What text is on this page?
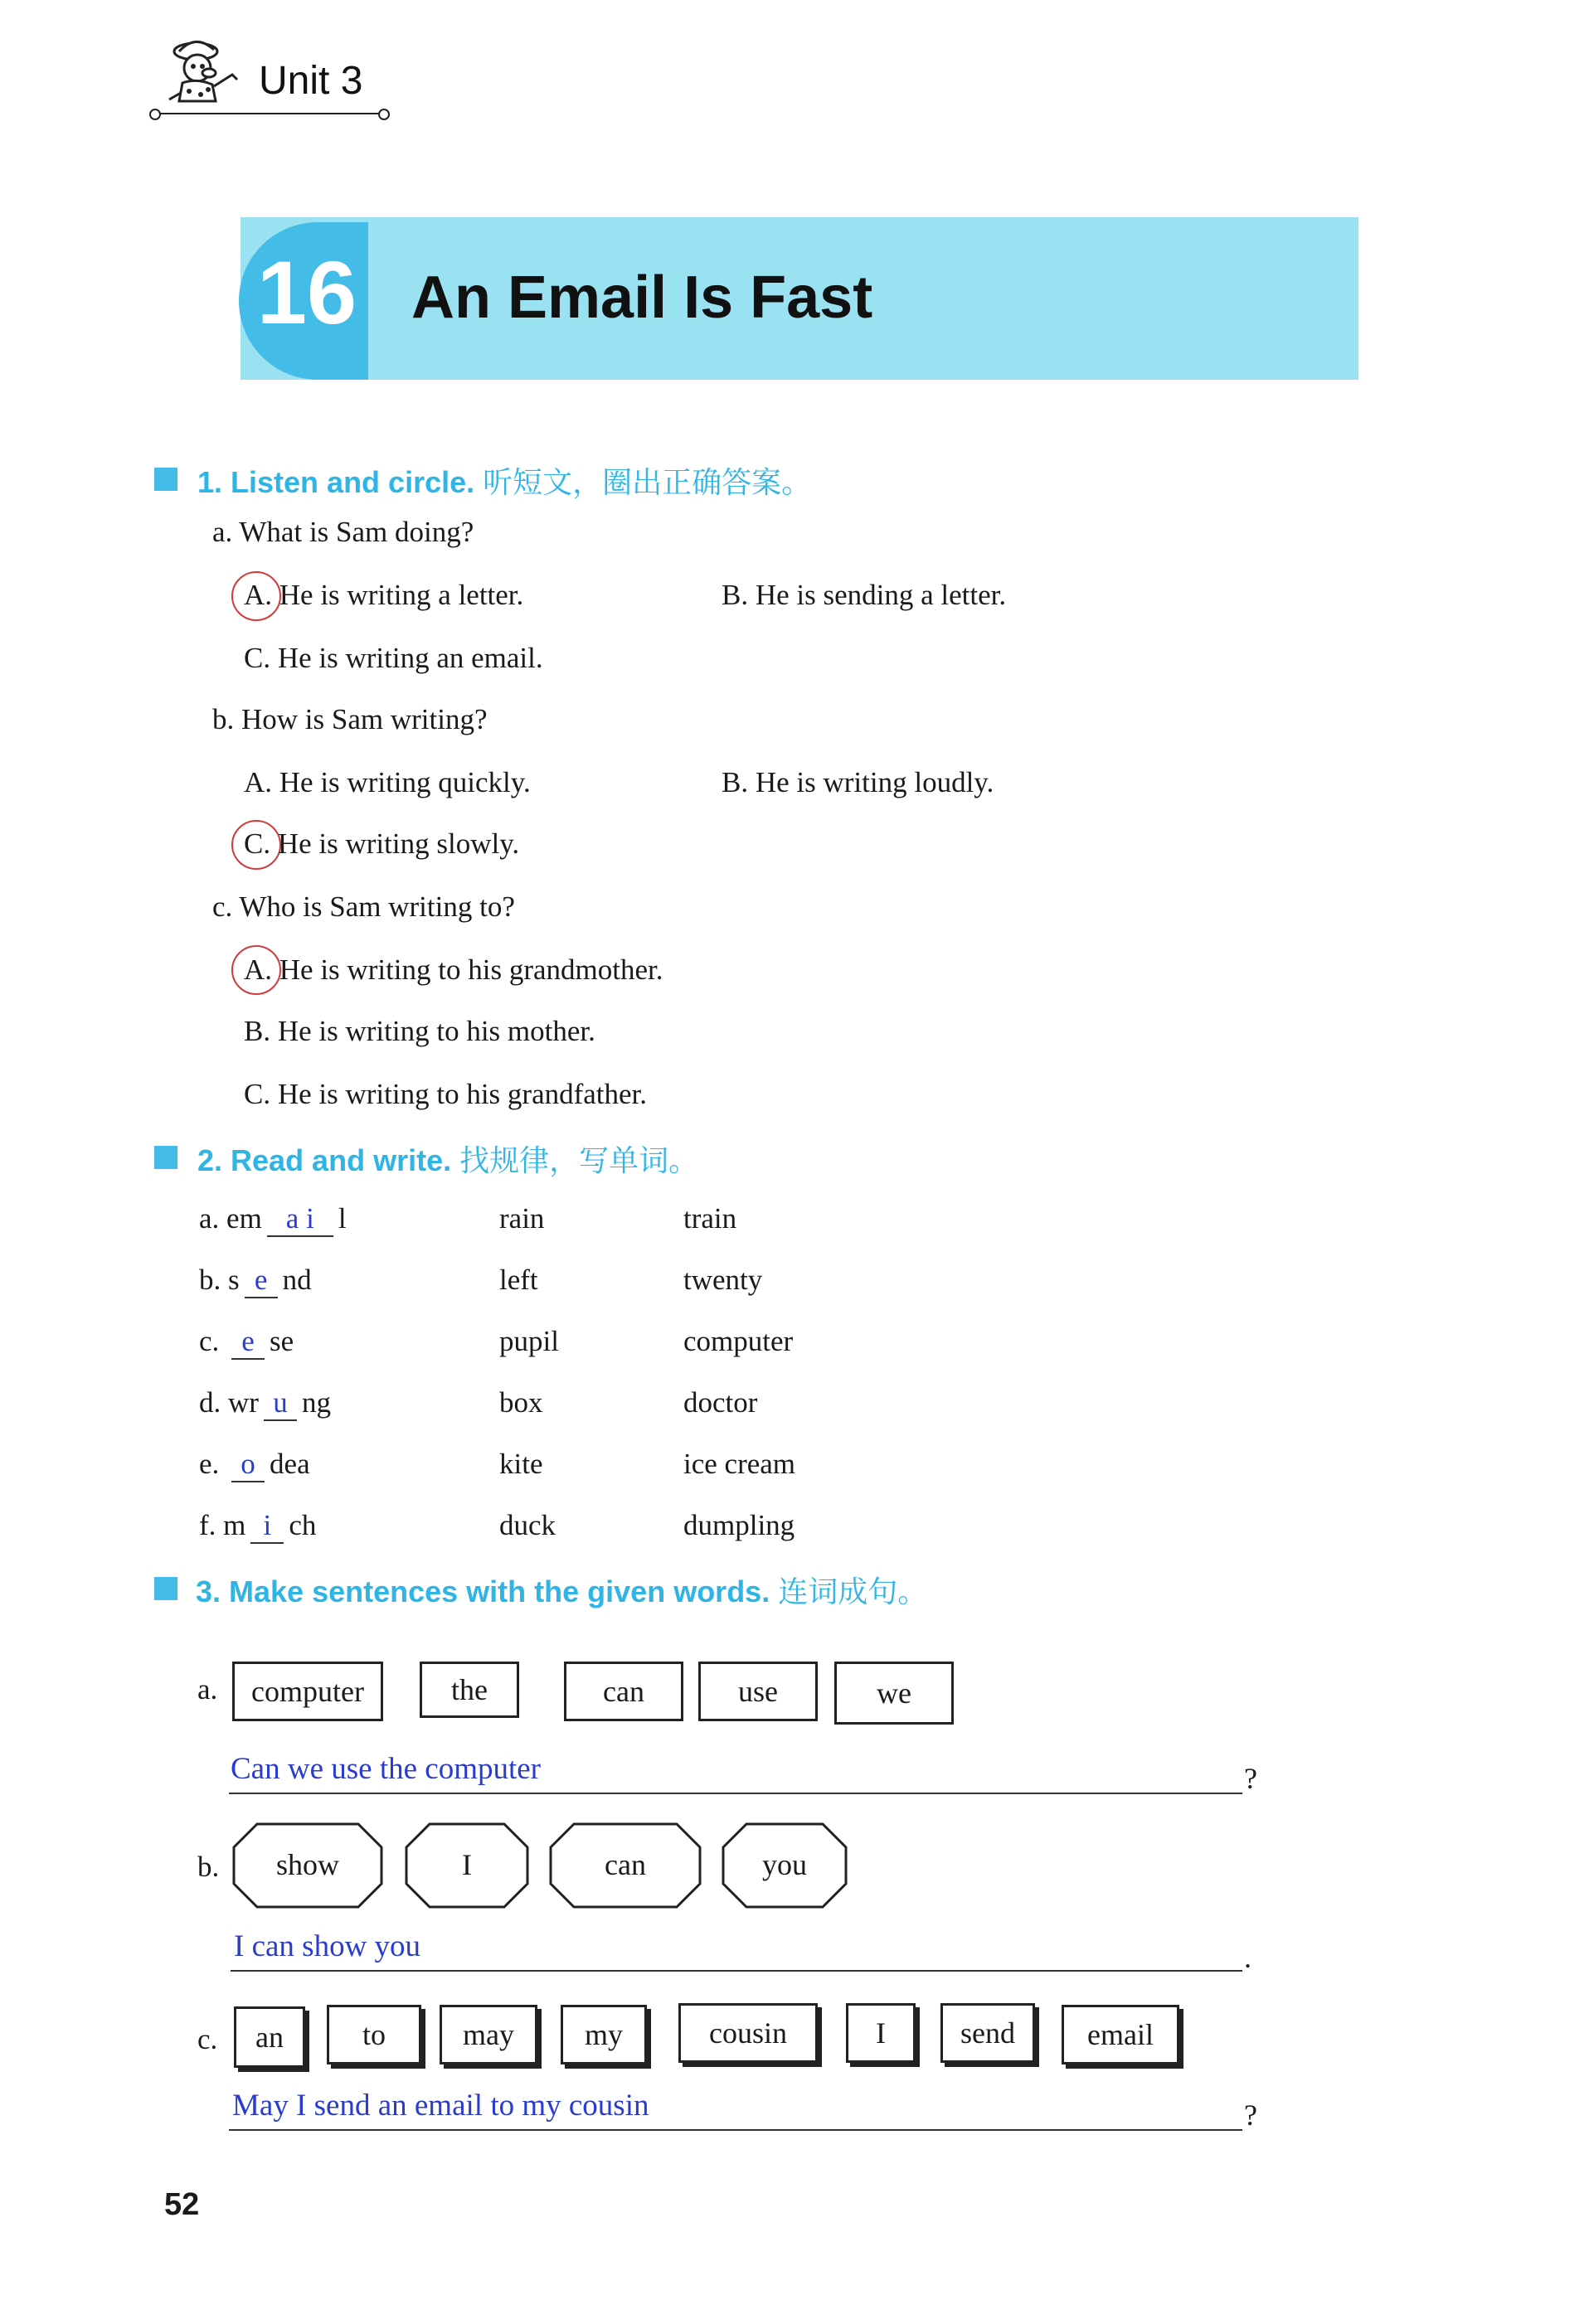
Unit 3
16 An Email Is Fast
1. Listen and circle. 听短文，圈出正确答案。
a. What is Sam doing?
A. He is writing a letter.	B. He is sending a letter.
C. He is writing an email.
b. How is Sam writing?
A. He is writing quickly.	B. He is writing loudly.
C. He is writing slowly.
c. Who is Sam writing to?
A. He is writing to his grandmother.
B. He is writing to his mother.
C. He is writing to his grandfather.
2. Read and write. 找规律，写单词。
a. em a i l	rain	train
b. s e nd	left	twenty
c. e se	pupil	computer
d. wr u ng	box	doctor
e. o dea	kite	ice cream
f. m i ch	duck	dumpling
3. Make sentences with the given words. 连词成句。
a.	computer	the	can	use	we
Can we use the computer	?
b.	show	I	can	you
I can show you	.
c.	an	to	may	my	cousin	I	send	email
May I send an email to my cousin	?
52
